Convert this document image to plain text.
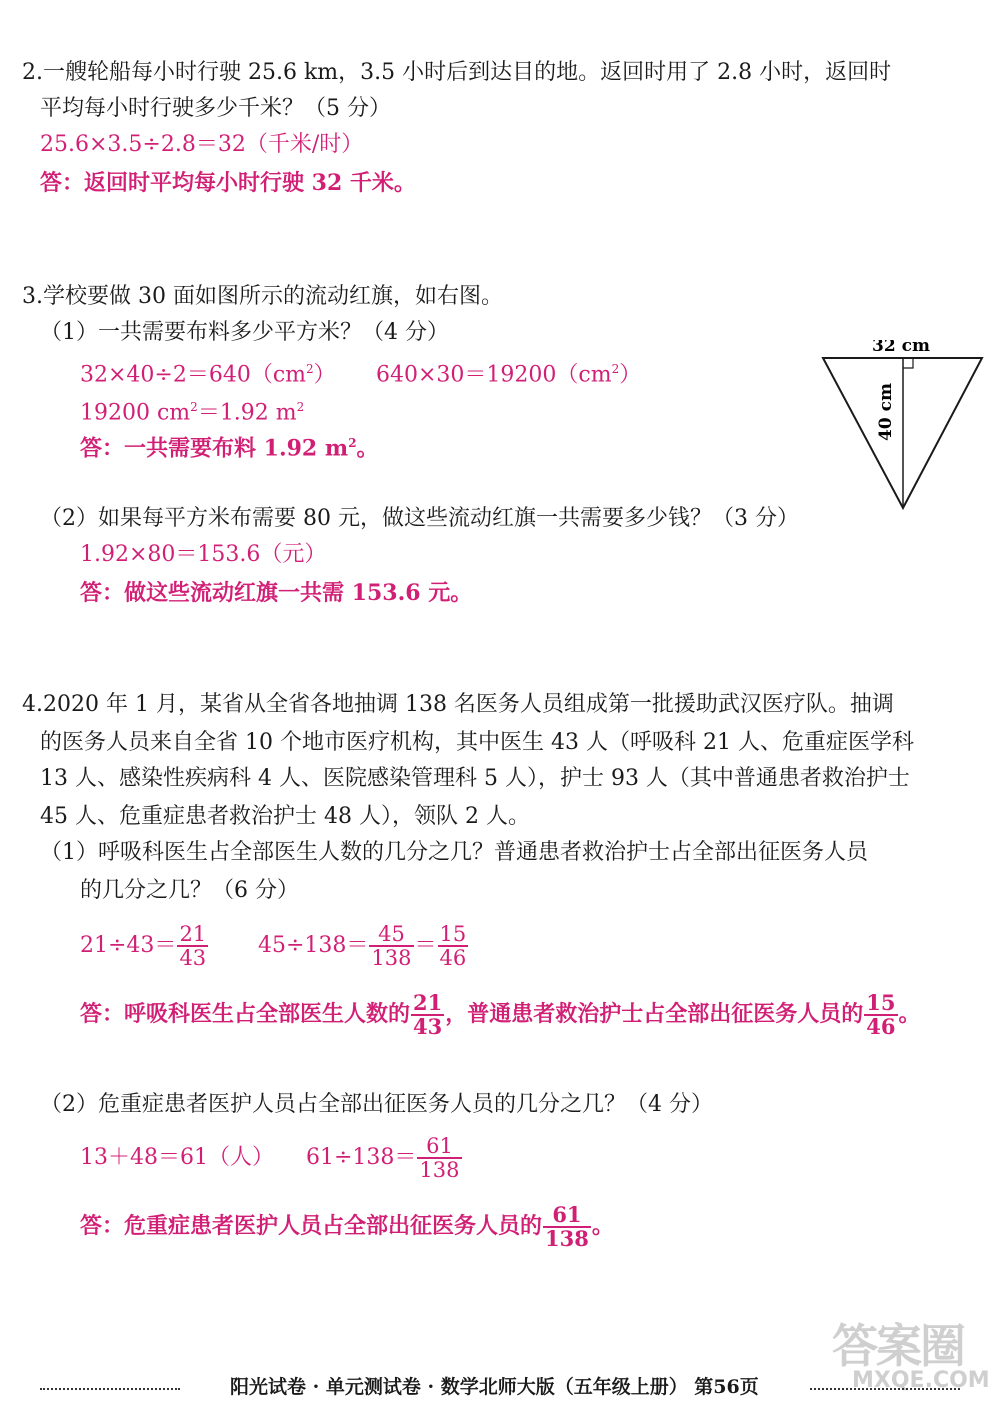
2.一艘轮船每小时行驶 25.6 km，3.5 小时后到达目的地。返回时用了 2.8 小时，返回时
平均每小时行驶多少千米？（5 分）
25.6×3.5÷2.8＝32（千米/时）
答：返回时平均每小时行驶 32 千米。
3.学校要做 30 面如图所示的流动红旗，如右图。
（1）一共需要布料多少平方米？（4 分）
$32\times 40\div 2=640(cm^2)$ $640\times 30=19200(cm^2)$
19200 $cm^2=1.92$ $m^2$
答：一共需要布料 1.92 $m^2$。
32 cm
40 cm
（2）如果每平方米布需要 80 元，做这些流动红旗一共需要多少钱？（3 分）
1.92×80＝153.6（元）
答：做这些流动红旗一共需 153.6 元。
4.2020 年 1 月，某省从全省各地抽调 138 名医务人员组成第一批援助武汉医疗队。抽调
的医务人员来自全省 10 个地市医疗机构，其中医生 43 人（呼吸科 21 人、危重症医学科
13 人、感染性疾病科 4 人、医院感染管理科 5 人），护士 93 人（其中普通患者救治护士
45 人、危重症患者救治护士 48 人），领队 2 人。
（1）呼吸科医生占全部医生人数的几分之几？普通患者救治护士占全部出征医务人员
的几分之几？（6 分）
$21\div 43= \frac{21}{43} 45\div 138= \frac{45}{138} = \frac{15}{46}$
答：呼吸科医生占全部医生人数的 $\frac{21}{43}$ ，普通患者救治护士占全部出征医务人员的 $\frac{15}{46}$ 。
（2）危重症患者医护人员占全部出征医务人员的几分之几？（4 分）
13＋48＝61（人） $61\div 138= \frac{61}{138}$
答：危重症患者医护人员占全部出征医务人员的 $\frac{61}{138}$ 。
答案圈
MXQE.COM
阳光试卷 · 单元测试卷 · 数学北师大版（五年级上册） 第56页
